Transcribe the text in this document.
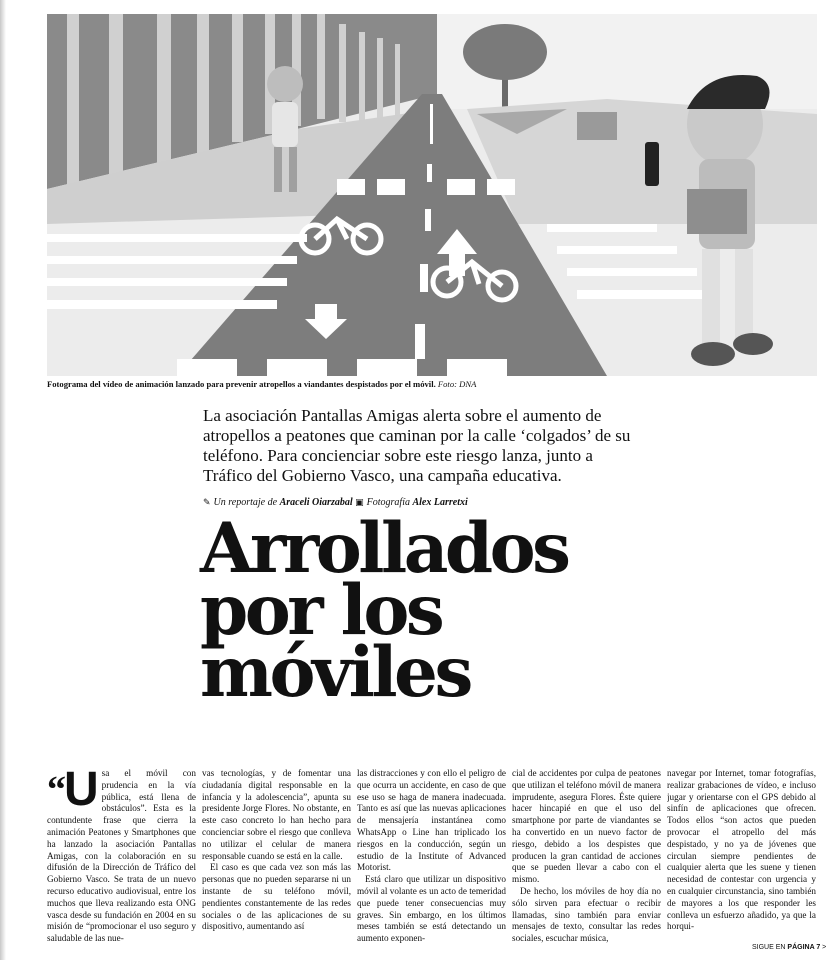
Fotograma del vídeo de animación lanzado para prevenir atropellos a viandantes despistados por el móvil. Foto: DNA
La asociación Pantallas Amigas alerta sobre el aumento de atropellos a peatones que caminan por la calle ‘colgados’ de su teléfono. Para concienciar sobre este riesgo lanza, junto a Tráfico del Gobierno Vasco, una campaña educativa.
✎ Un reportaje de Araceli Oiarzabal ▣ Fotografía Alex Larretxi
Arrollados
por los
móviles

“U sa el móvil con prudencia en la vía pública, está llena de obstáculos”. Esta es la contundente frase que cierra la animación Peatones y Smartphones que ha lanzado la asociación Pantallas Amigas, con la colaboración en su difusión de la Dirección de Tráfico del Gobierno Vasco. Se trata de un nuevo recurso educativo audiovisual, entre los muchos que lleva realizando esta ONG vasca desde su fundación en 2004 en su misión de “promocionar el uso seguro y saludable de las nue-

vas tecnologías, y de fomentar una ciudadanía digital responsable en la infancia y la adolescencia”, apunta su presidente Jorge Flores. No obstante, en este caso concreto lo han hecho para concienciar sobre el riesgo que conlleva no utilizar el celular de manera responsable cuando se está en la calle.

El caso es que cada vez son más las personas que no pueden separarse ni un instante de su teléfono móvil, pendientes constantemente de las redes sociales o de las aplicaciones de su dispositivo, aumentando así

las distracciones y con ello el peligro de que ocurra un accidente, en caso de que ese uso se haga de manera inadecuada. Tanto es así que las nuevas aplicaciones de mensajería instantánea como WhatsApp o Line han triplicado los riesgos en la conducción, según un estudio de la Institute of Advanced Motorist.

Está claro que utilizar un dispositivo móvil al volante es un acto de temeridad que puede tener consecuencias muy graves. Sin embargo, en los últimos meses también se está detectando un aumento exponen-

cial de accidentes por culpa de peatones que utilizan el teléfono móvil de manera imprudente, asegura Flores. Éste quiere hacer hincapié en que el uso del smartphone por parte de viandantes se ha convertido en un nuevo factor de riesgo, debido a los despistes que producen la gran cantidad de acciones que se pueden llevar a cabo con el mismo.

De hecho, los móviles de hoy día no sólo sirven para efectuar o recibir llamadas, sino también para enviar mensajes de texto, consultar las redes sociales, escuchar música,

navegar por Internet, tomar fotografías, realizar grabaciones de vídeo, e incluso jugar y orientarse con el GPS debido al sinfín de aplicaciones que ofrecen. Todos ellos “son actos que pueden provocar el atropello del más despistado, y no ya de jóvenes que circulan siempre pendientes de cualquier alerta que les suene y tienen necesidad de contestar con urgencia y en cualquier circunstancia, sino también de mayores a los que responder les conlleva un esfuerzo añadido, ya que la horqui-

SIGUE EN PÁGINA 7 >
